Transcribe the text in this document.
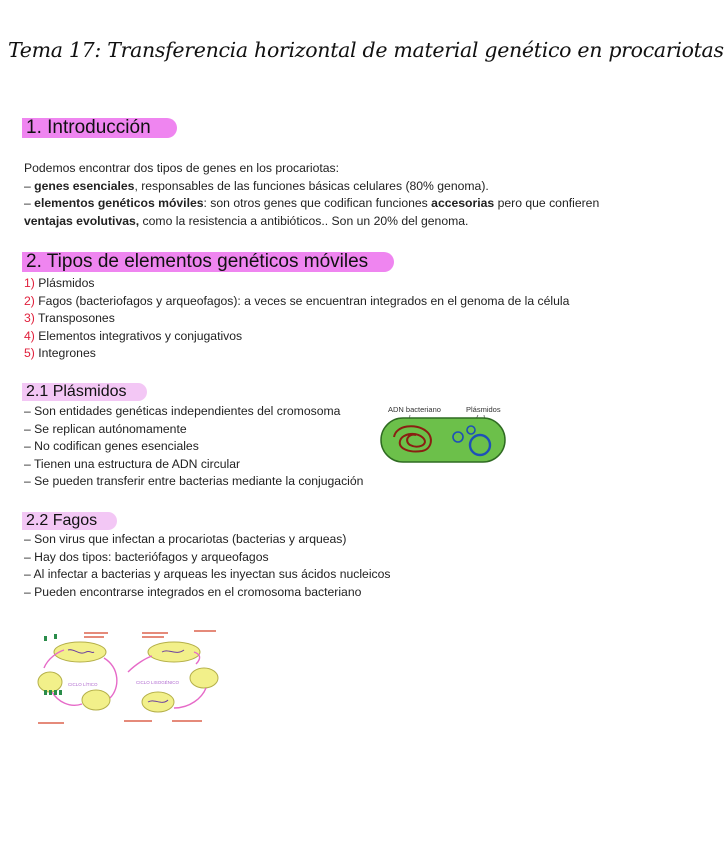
Tema 17: Transferencia horizontal de material genético en procariotas
1. Introducción
Podemos encontrar dos tipos de genes en los procariotas:
– genes esenciales, responsables de las funciones básicas celulares (80% genoma).
– elementos genéticos móviles: son otros genes que codifican funciones accesorias pero que confieren
ventajas evolutivas, como la resistencia a antibióticos.. Son un 20% del genoma.
2. Tipos de elementos genéticos móviles
1) Plásmidos
2) Fagos (bacteriofagos y arqueofagos): a veces se encuentran integrados en el genoma de la célula
3) Transposones
4) Elementos integrativos y conjugativos
5) Integrones
2.1 Plásmidos
– Son entidades genéticas independientes del cromosoma
– Se replican autónomamente
– No codifican genes esenciales
– Tienen una estructura de ADN circular
– Se pueden transferir entre bacterias mediante la conjugación
ADN bacteriano	Plásmidos
2.2 Fagos
– Son virus que infectan a procariotas (bacterias y arqueas)
– Hay dos tipos: bacteriófagos y arqueofagos
– Al infectar a bacterias y arqueas les inyectan sus ácidos nucleicos
– Pueden encontrarse integrados en el cromosoma bacteriano
CICLO LÍTICO	CICLO LISOGÉNICO
